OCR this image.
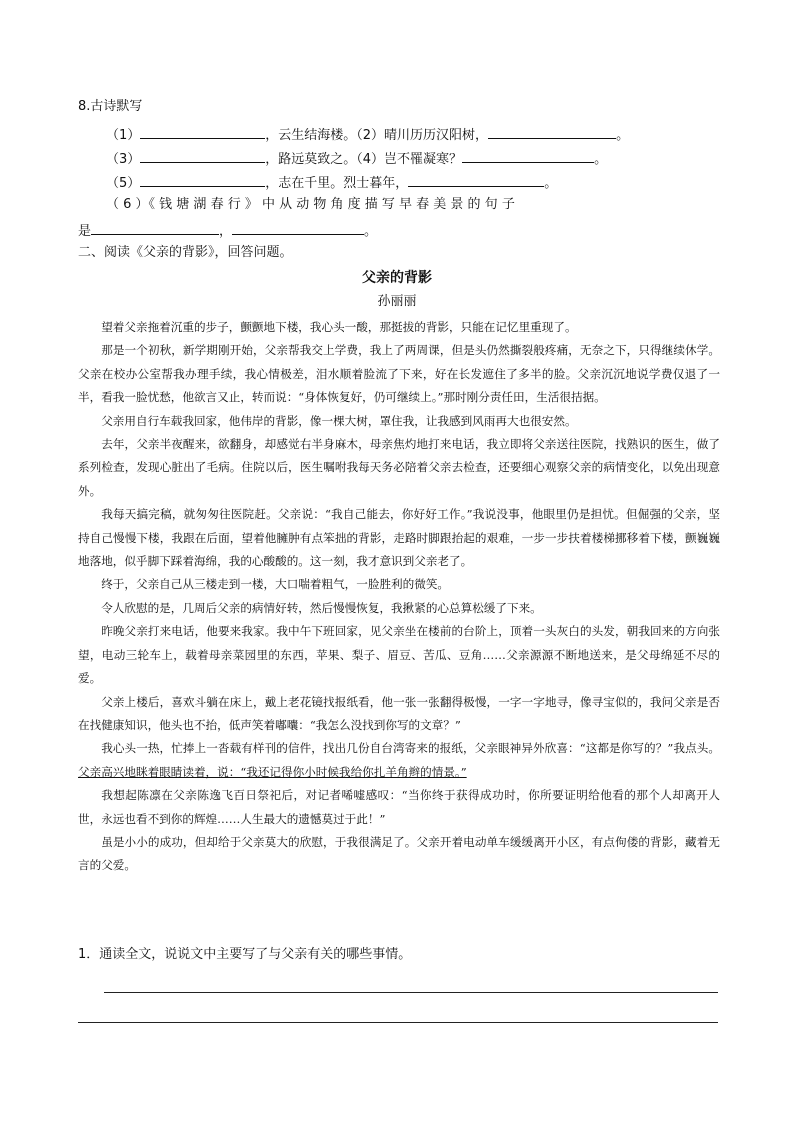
8.古诗默写
（1）	，云生结海楼。（2）晴川历历汉阳树，	。
（3）	，路远莫致之。（4）岂不罹凝寒？	。
（5）	，志在千里。烈士暮年，	。
（ 6 ）《 钱 塘 湖 春 行 》 中 从 动 物 角 度 描 写 早 春 美 景 的 句 子
是	，	。
二、阅读《父亲的背影》，回答问题。
父亲的背影
孙丽丽

望着父亲拖着沉重的步子，颤颤地下楼，我心头一酸，那挺拔的背影，只能在记忆里重现了。

那是一个初秋，新学期刚开始，父亲帮我交上学费，我上了两周课，但是头仍然撕裂般疼痛，无奈之下，只得继续休学。父亲在校办公室帮我办理手续，我心情极差，泪水顺着脸流了下来，好在长发遮住了多半的脸。父亲沉沉地说学费仅退了一半，看我一脸忧愁，他欲言又止，转而说：“身体恢复好，仍可继续上。”那时刚分责任田，生活很拮据。

父亲用自行车载我回家，他伟岸的背影，像一棵大树，罩住我，让我感到风雨再大也很安然。

去年，父亲半夜醒来，欲翻身，却感觉右半身麻木，母亲焦灼地打来电话，我立即将父亲送往医院，找熟识的医生，做了系列检查，发现心脏出了毛病。住院以后，医生嘱咐我每天务必陪着父亲去检查，还要细心观察父亲的病情变化，以免出现意外。

我每天搞完稿，就匆匆往医院赶。父亲说：“我自己能去，你好好工作。”我说没事，他眼里仍是担忧。但倔强的父亲，坚持自己慢慢下楼，我跟在后面，望着他臃肿有点笨拙的背影，走路时脚跟抬起的艰难，一步一步扶着楼梯挪移着下楼，颤巍巍地落地，似乎脚下踩着海绵，我的心酸酸的。这一刻，我才意识到父亲老了。

终于，父亲自己从三楼走到一楼，大口喘着粗气，一脸胜利的微笑。

令人欣慰的是，几周后父亲的病情好转，然后慢慢恢复，我揪紧的心总算松缓了下来。

昨晚父亲打来电话，他要来我家。我中午下班回家，见父亲坐在楼前的台阶上，顶着一头灰白的头发，朝我回来的方向张望，电动三轮车上，载着母亲菜园里的东西，苹果、梨子、眉豆、苦瓜、豆角……父亲源源不断地送来，是父母绵延不尽的爱。

父亲上楼后，喜欢斗躺在床上，戴上老花镜找报纸看，他一张一张翻得极慢，一字一字地寻，像寻宝似的，我问父亲是否在找健康知识，他头也不抬，低声笑着嘟囔：“我怎么没找到你写的文章？”

我心头一热，忙捧上一沓载有样刊的信件，找出几份自台湾寄来的报纸，父亲眼神异外欣喜：“这都是你写的？”我点头。父亲高兴地眯着眼睛读着，说：“我还记得你小时候我给你扎羊角辫的情景。”

我想起陈凛在父亲陈逸飞百日祭祀后，对记者唏嘘感叹：“当你终于获得成功时，你所要证明给他看的那个人却离开人世，永远也看不到你的辉煌……人生最大的遗憾莫过于此！”

虽是小小的成功，但却给于父亲莫大的欣慰，于我很满足了。父亲开着电动单车缓缓离开小区，有点佝偻的背影，藏着无言的父爱。

1．通读全文，说说文中主要写了与父亲有关的哪些事情。
